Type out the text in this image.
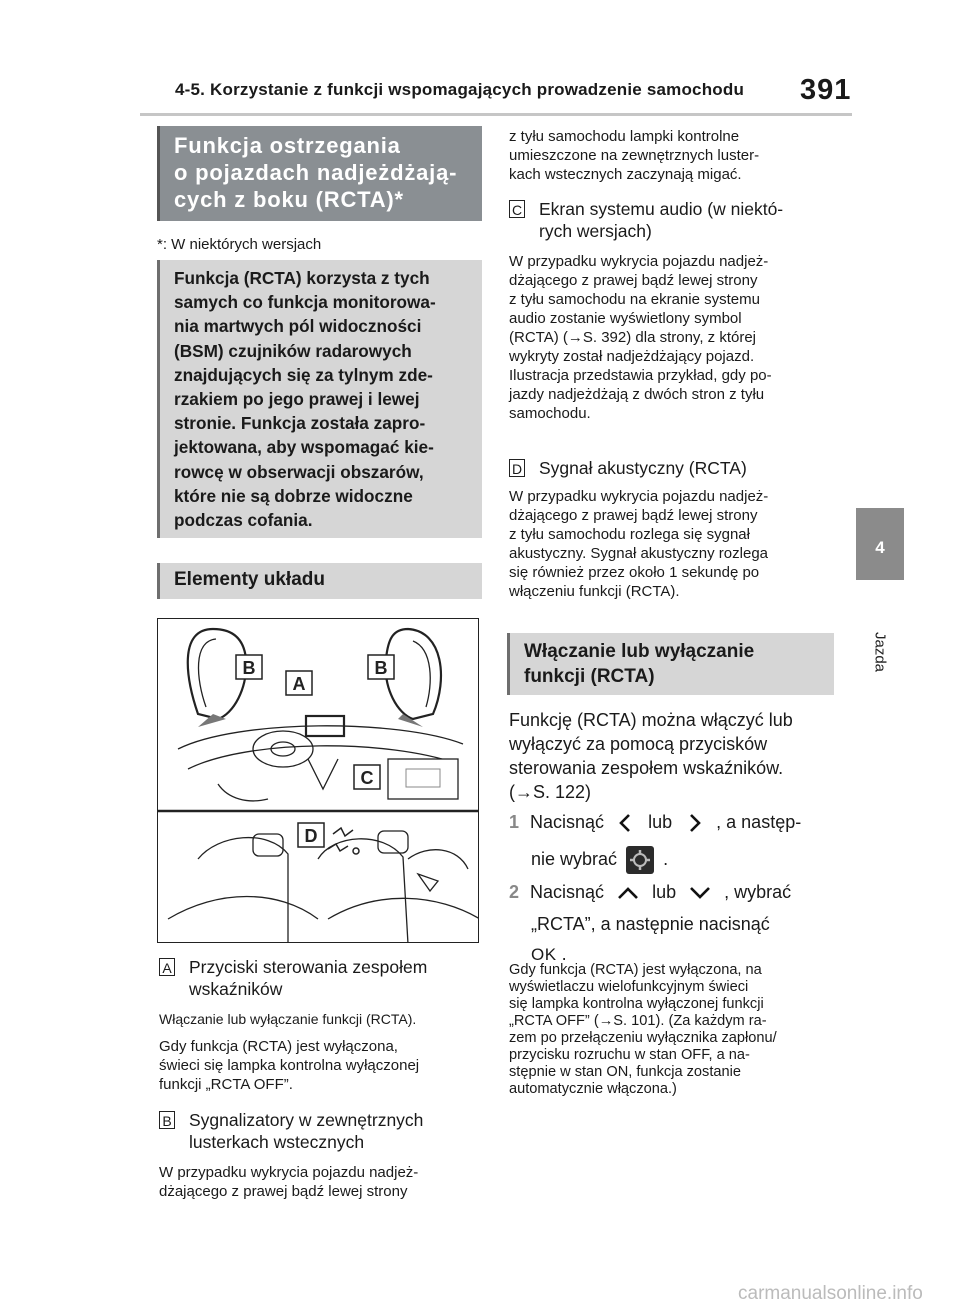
4-5. Korzystanie z funkcji wspomagających prowadzenie samochodu 391
4
Jazda
Funkcja ostrzegania
o pojazdach nadjeżdżają-
cych z boku (RCTA)*
*: W niektórych wersjach
Funkcja (RCTA) korzysta z tych
samych co funkcja monitorowa-
nia martwych pól widoczności
(BSM) czujników radarowych
znajdujących się za tylnym zde-
rzakiem po jego prawej i lewej
stronie. Funkcja została zapro-
jektowana, aby wspomagać kie-
rowcę w obserwacji obszarów,
które nie są dobrze widoczne
podczas cofania.
Elementy układu
B	B
A
C
D
A Przyciski sterowania zespołem
wskaźników
Włączanie lub wyłączanie funkcji (RCTA).
Gdy funkcja (RCTA) jest wyłączona,
świeci się lampka kontrolna wyłączonej
funkcji „RCTA OFF”.
B Sygnalizatory w zewnętrznych
lusterkach wstecznych
W przypadku wykrycia pojazdu nadjeż-
dżającego z prawej bądź lewej strony
z tyłu samochodu lampki kontrolne
umieszczone na zewnętrznych luster-
kach wstecznych zaczynają migać.
C Ekran systemu audio (w niektó-
rych wersjach)
W przypadku wykrycia pojazdu nadjeż-
dżającego z prawej bądź lewej strony
z tyłu samochodu na ekranie systemu
audio zostanie wyświetlony symbol
(RCTA) (→S. 392) dla strony, z której
wykryty został nadjeżdżający pojazd.
Ilustracja przedstawia przykład, gdy po-
jazdy nadjeżdżają z dwóch stron z tyłu
samochodu.
D Sygnał akustyczny (RCTA)
W przypadku wykrycia pojazdu nadjeż-
dżającego z prawej bądź lewej strony
z tyłu samochodu rozlega się sygnał
akustyczny. Sygnał akustyczny rozlega
się również przez około 1 sekundę po
włączeniu funkcji (RCTA).
Włączanie lub wyłączanie
funkcji (RCTA)
Funkcję (RCTA) można włączyć lub
wyłączyć za pomocą przycisków
sterowania zespołem wskaźników.
(→S. 122)
1 Nacisnąć lub , a następ-
nie wybrać	.
2 Nacisnąć	lub	, wybrać
„RCTA”, a następnie nacisnąć
OK .
Gdy funkcja (RCTA) jest wyłączona, na
wyświetlaczu wielofunkcyjnym świeci
się lampka kontrolna wyłączonej funkcji
„RCTA OFF” (→S. 101). (Za każdym ra-
zem po przełączeniu wyłącznika zapłonu/
przycisku rozruchu w stan OFF, a na-
stępnie w stan ON, funkcja zostanie
automatycznie włączona.)
carmanualsonline.info
